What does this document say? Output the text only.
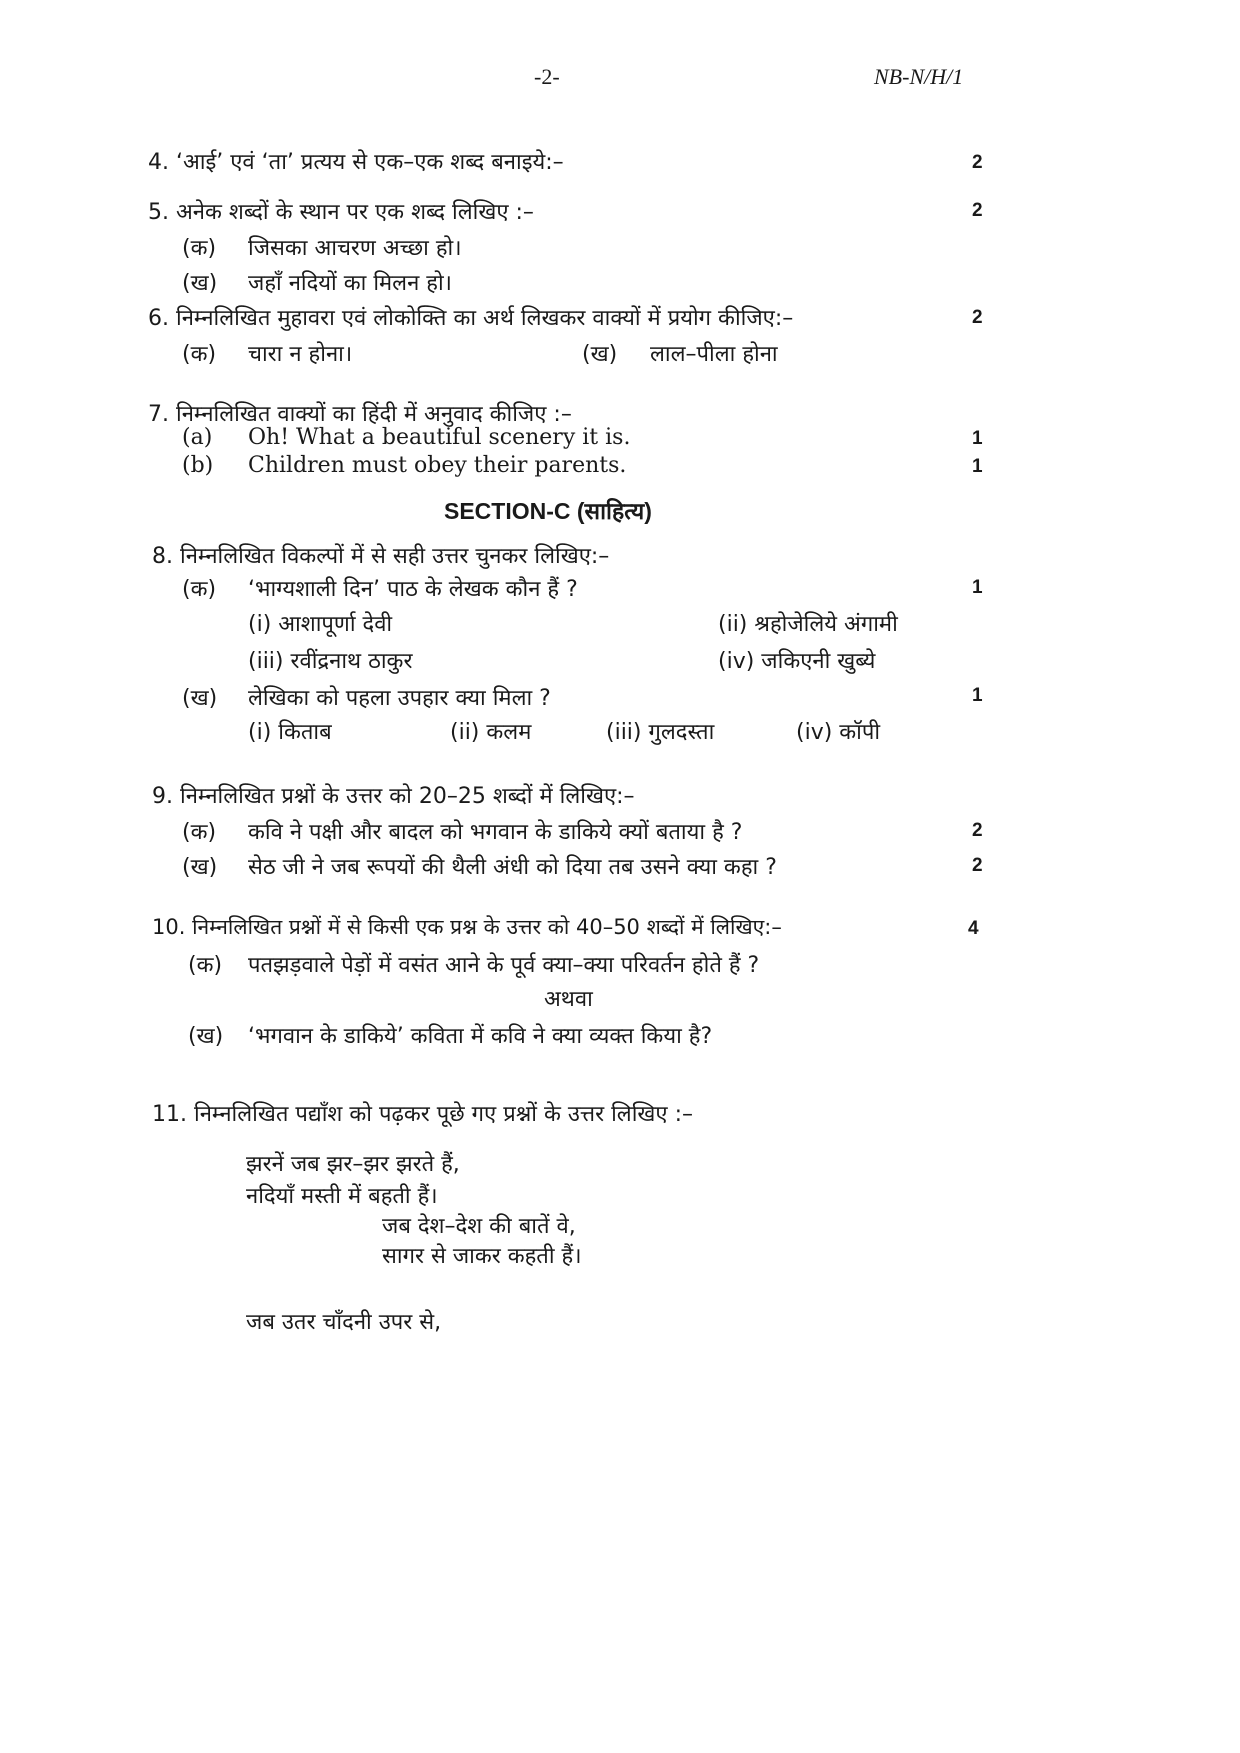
-2-	NB-N/H/1
4. ‘आई’ एवं ‘ता’ प्रत्यय से एक–एक शब्द बनाइये:–	2
5. अनेक शब्दों के स्थान पर एक शब्द लिखिए :–	2
(क) जिसका आचरण अच्छा हो।
(ख) जहाँ नदियों का मिलन हो।
6. निम्नलिखित मुहावरा एवं लोकोक्ति का अर्थ लिखकर वाक्यों में प्रयोग कीजिए:–	2
(क) चारा न होना।	(ख) लाल–पीला होना
7. निम्नलिखित वाक्यों का हिंदी में अनुवाद कीजिए :–
(a) Oh! What a beautiful scenery it is.	1
(b) Children must obey their parents.	1
SECTION-C (साहित्य)
8. निम्नलिखित विकल्पों में से सही उत्तर चुनकर लिखिए:–
(क) ‘भाग्यशाली दिन’ पाठ के लेखक कौन हैं ?	1
(i) आशापूर्णा देवी	(ii) श्रहोजेलिये अंगामी
(iii) रवींद्रनाथ ठाकुर	(iv) जकिएनी खुब्ये
(ख) लेखिका को पहला उपहार क्या मिला ?	1
(i) किताब	(ii) कलम	(iii) गुलदस्ता	(iv) कॉपी
9. निम्नलिखित प्रश्नों के उत्तर को 20–25 शब्दों में लिखिए:–
(क) कवि ने पक्षी और बादल को भगवान के डाकिये क्यों बताया है ?	2
(ख) सेठ जी ने जब रूपयों की थैली अंधी को दिया तब उसने क्या कहा ?	2
10. निम्नलिखित प्रश्नों में से किसी एक प्रश्न के उत्तर को 40–50 शब्दों में लिखिए:–	4
(क) पतझड़वाले पेड़ों में वसंत आने के पूर्व क्या–क्या परिवर्तन होते हैं ?
अथवा
(ख) ‘भगवान के डाकिये’ कविता में कवि ने क्या व्यक्त किया है?
11. निम्नलिखित पद्याँश को पढ़कर पूछे गए प्रश्नों के उत्तर लिखिए :–
झरनें जब झर–झर झरते हैं,
नदियाँ मस्ती में बहती हैं।
जब देश–देश की बातें वे,
सागर से जाकर कहती हैं।
जब उतर चाँदनी उपर से,
